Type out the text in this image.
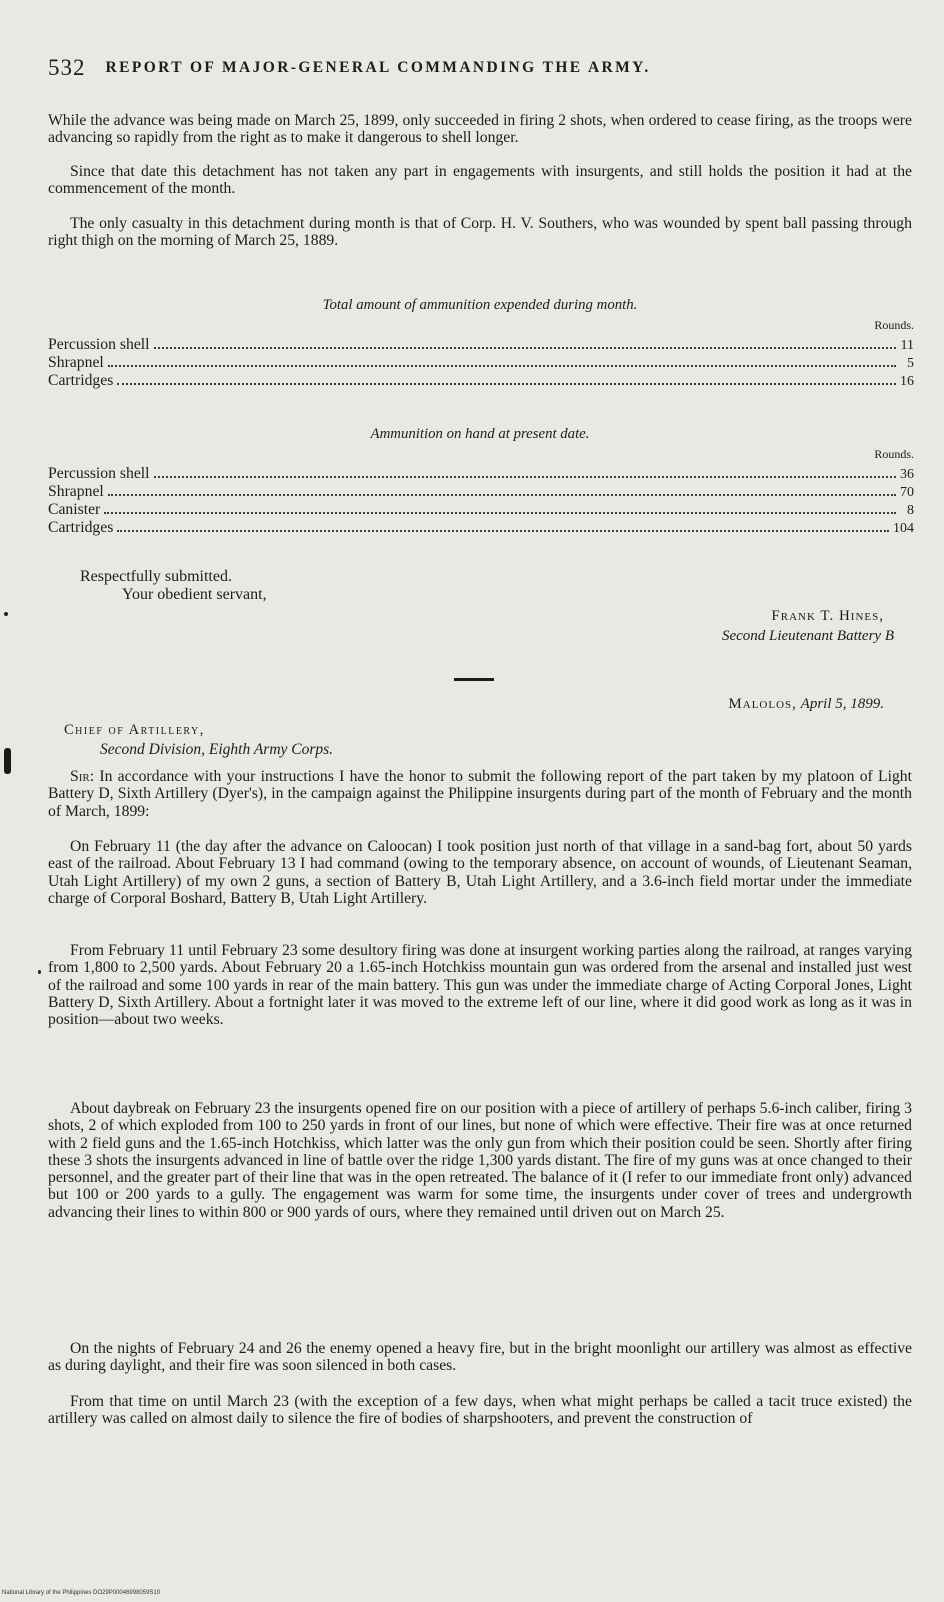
532 REPORT OF MAJOR-GENERAL COMMANDING THE ARMY.

While the advance was being made on March 25, 1899, only succeeded in firing 2 shots, when ordered to cease firing, as the troops were advancing so rapidly from the right as to make it dangerous to shell longer.

Since that date this detachment has not taken any part in engagements with insurgents, and still holds the position it had at the commencement of the month.

The only casualty in this detachment during month is that of Corp. H. V. Southers, who was wounded by spent ball passing through right thigh on the morning of March 25, 1889.

Total amount of ammunition expended during month.

Rounds.

Percussion shell	11
Shrapnel	5
Cartridges	16

Ammunition on hand at present date.

Rounds.

Percussion shell	36
Shrapnel	70
Canister	8
Cartridges	104

Respectfully submitted.

Your obedient servant,

Frank T. Hines,

Second Lieutenant Battery B

Malolos, April 5, 1899.

Chief of Artillery,

Second Division, Eighth Army Corps.

Sir: In accordance with your instructions I have the honor to submit the following report of the part taken by my platoon of Light Battery D, Sixth Artillery (Dyer's), in the campaign against the Philippine insurgents during part of the month of February and the month of March, 1899:

On February 11 (the day after the advance on Caloocan) I took position just north of that village in a sand-bag fort, about 50 yards east of the railroad. About February 13 I had command (owing to the temporary absence, on account of wounds, of Lieutenant Seaman, Utah Light Artillery) of my own 2 guns, a section of Battery B, Utah Light Artillery, and a 3.6-inch field mortar under the immediate charge of Corporal Boshard, Battery B, Utah Light Artillery.

From February 11 until February 23 some desultory firing was done at insurgent working parties along the railroad, at ranges varying from 1,800 to 2,500 yards. About February 20 a 1.65-inch Hotchkiss mountain gun was ordered from the arsenal and installed just west of the railroad and some 100 yards in rear of the main battery. This gun was under the immediate charge of Acting Corporal Jones, Light Battery D, Sixth Artillery. About a fortnight later it was moved to the extreme left of our line, where it did good work as long as it was in position—about two weeks.

About daybreak on February 23 the insurgents opened fire on our position with a piece of artillery of perhaps 5.6-inch caliber, firing 3 shots, 2 of which exploded from 100 to 250 yards in front of our lines, but none of which were effective. Their fire was at once returned with 2 field guns and the 1.65-inch Hotchkiss, which latter was the only gun from which their position could be seen. Shortly after firing these 3 shots the insurgents advanced in line of battle over the ridge 1,300 yards distant. The fire of my guns was at once changed to their personnel, and the greater part of their line that was in the open retreated. The balance of it (I refer to our immediate front only) advanced but 100 or 200 yards to a gully. The engagement was warm for some time, the insurgents under cover of trees and undergrowth advancing their lines to within 800 or 900 yards of ours, where they remained until driven out on March 25.

On the nights of February 24 and 26 the enemy opened a heavy fire, but in the bright moonlight our artillery was almost as effective as during daylight, and their fire was soon silenced in both cases.

From that time on until March 23 (with the exception of a few days, when what might perhaps be called a tacit truce existed) the artillery was called on almost daily to silence the fire of bodies of sharpshooters, and prevent the construction of

National Library of the Philippines DO29P00046998059S10
